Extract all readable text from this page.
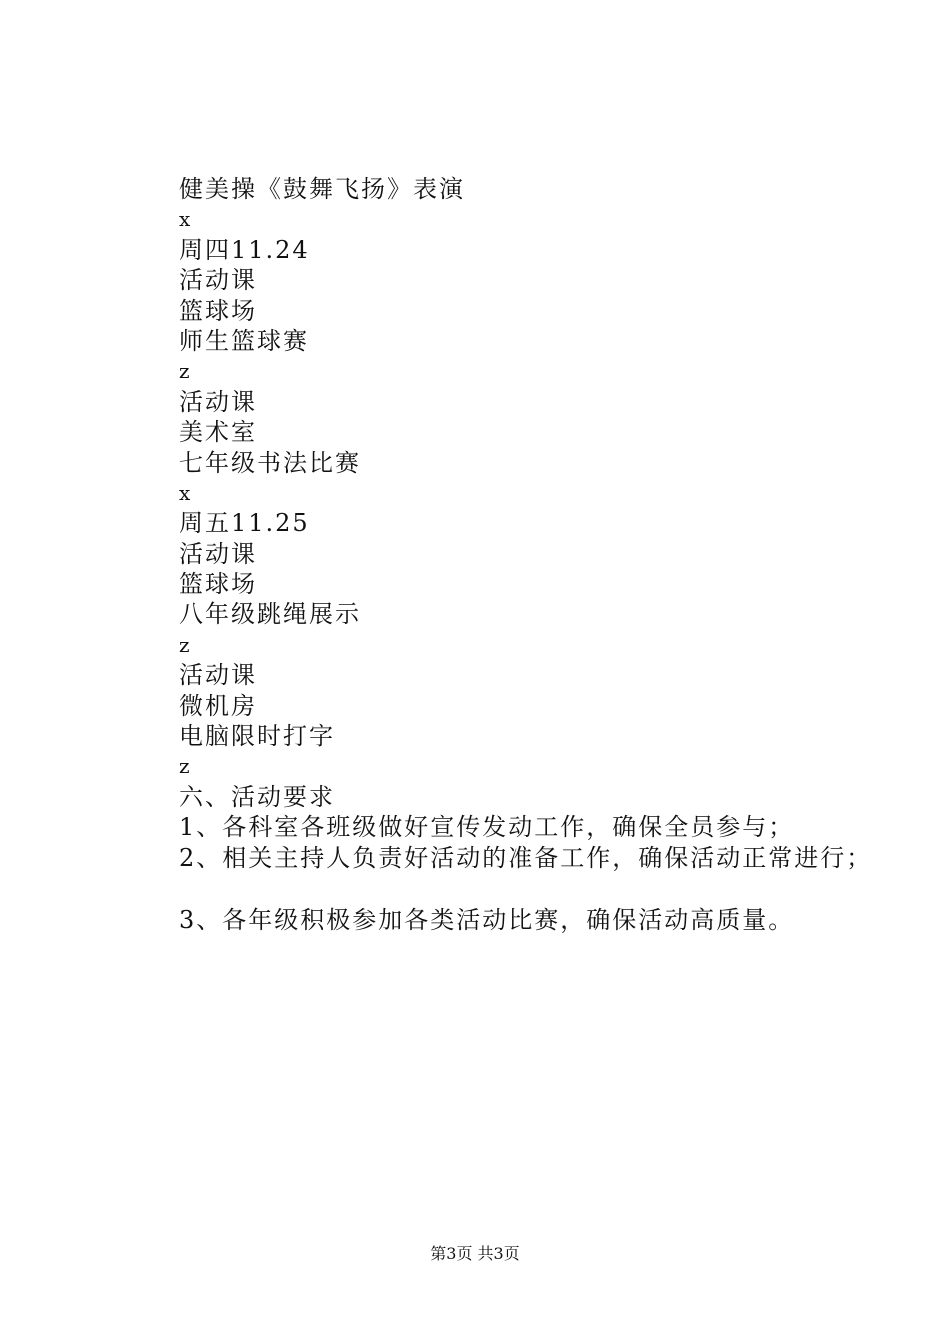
健美操《鼓舞飞扬》表演
x
周四11.24
活动课
篮球场
师生篮球赛
z
活动课
美术室
七年级书法比赛
x
周五11.25
活动课
篮球场
八年级跳绳展示
z
活动课
微机房
电脑限时打字
z
六、活动要求
1、各科室各班级做好宣传发动工作，确保全员参与；
2、相关主持人负责好活动的准备工作，确保活动正常进行；
3、各年级积极参加各类活动比赛，确保活动高质量。
第3页 共3页
